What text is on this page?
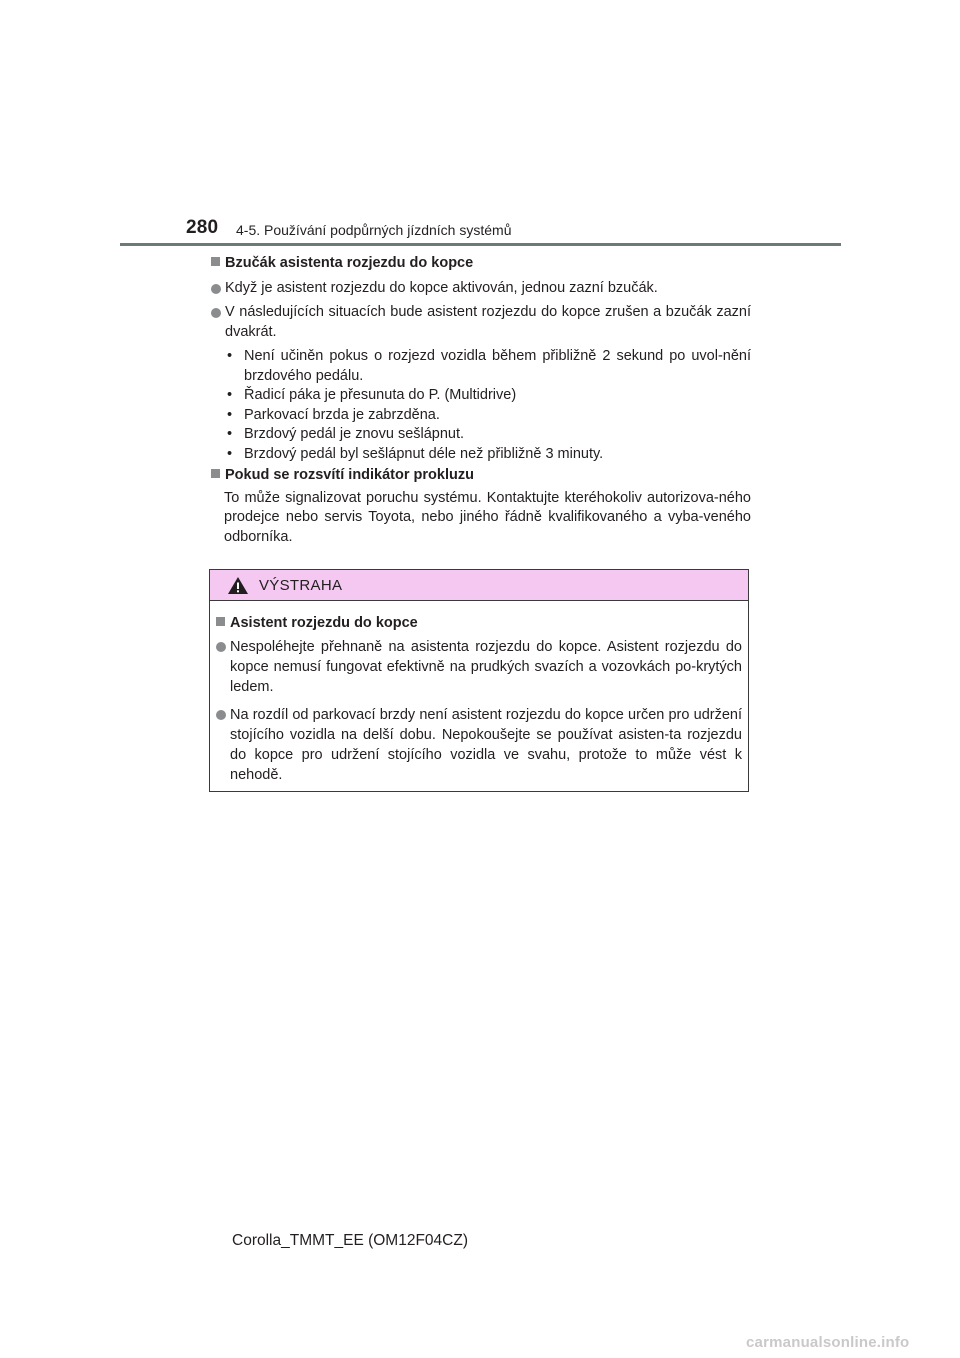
280 4-5. Používání podpůrných jízdních systémů
Bzučák asistenta rozjezdu do kopce
Když je asistent rozjezdu do kopce aktivován, jednou zazní bzučák.
V následujících situacích bude asistent rozjezdu do kopce zrušen a bzučák zazní dvakrát.
• Není učiněn pokus o rozjezd vozidla během přibližně 2 sekund po uvol-nění brzdového pedálu.
• Řadicí páka je přesunuta do P. (Multidrive)
• Parkovací brzda je zabrzděna.
• Brzdový pedál je znovu sešlápnut.
• Brzdový pedál byl sešlápnut déle než přibližně 3 minuty.
Pokud se rozsvítí indikátor prokluzu

To může signalizovat poruchu systému. Kontaktujte kteréhokoliv autorizova-ného prodejce nebo servis Toyota, nebo jiného řádně kvalifikovaného a vyba-veného odborníka.

VÝSTRAHA
Asistent rozjezdu do kopce
Nespoléhejte přehnaně na asistenta rozjezdu do kopce. Asistent rozjezdu do kopce nemusí fungovat efektivně na prudkých svazích a vozovkách po-krytých ledem.
Na rozdíl od parkovací brzdy není asistent rozjezdu do kopce určen pro udržení stojícího vozidla na delší dobu. Nepokoušejte se používat asisten-ta rozjezdu do kopce pro udržení stojícího vozidla ve svahu, protože to může vést k nehodě.
Corolla_TMMT_EE (OM12F04CZ)
carmanualsonline.info
